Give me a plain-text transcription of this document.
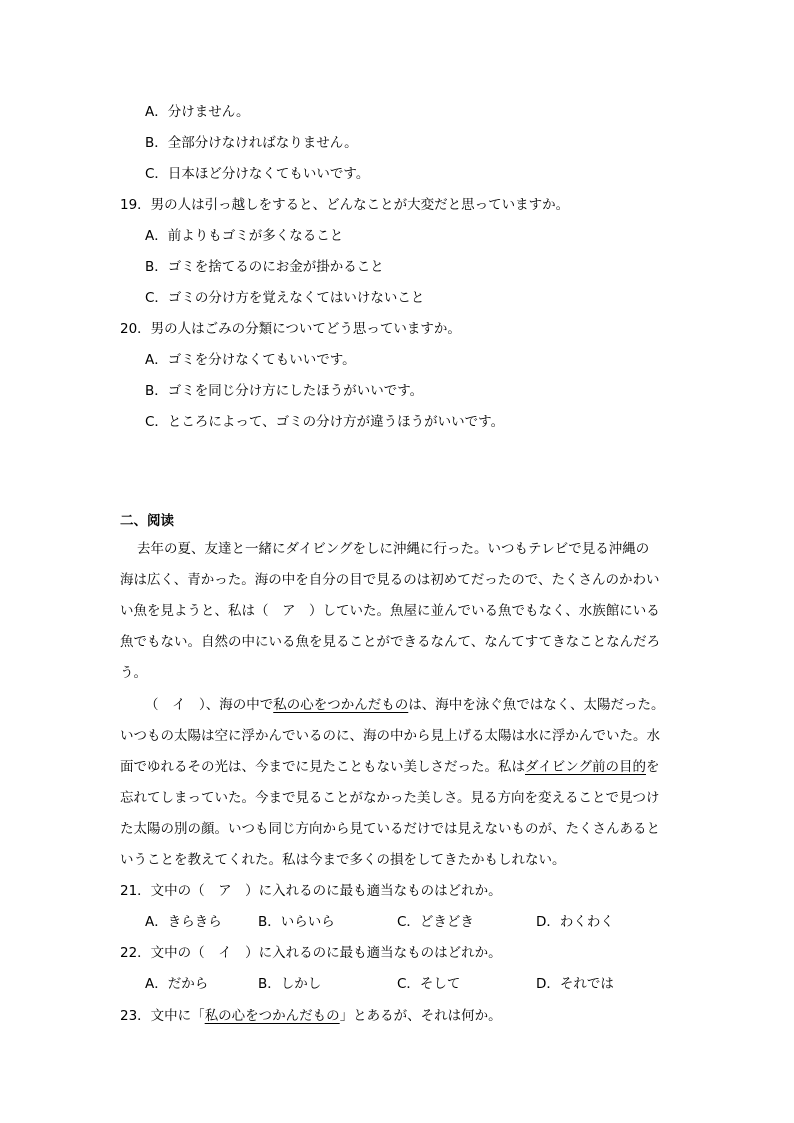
A．分けません。
B．全部分けなければなりません。
C．日本ほど分けなくてもいいです。
19．男の人は引っ越しをすると、どんなことが大変だと思っていますか。
A．前よりもゴミが多くなること
B．ゴミを捨てるのにお金が掛かること
C．ゴミの分け方を覚えなくてはいけないこと
20．男の人はごみの分類についてどう思っていますか。
A．ゴミを分けなくてもいいです。
B．ゴミを同じ分け方にしたほうがいいです。
C．ところによって、ゴミの分け方が違うほうがいいです。
二、阅读
去年の夏、友達と一緒にダイビングをしに沖縄に行った。いつもテレビで見る沖縄の
海は広く、青かった。海の中を自分の目で見るのは初めてだったので、たくさんのかわい
い魚を見ようと、私は（　ア　）していた。魚屋に並んでいる魚でもなく、水族館にいる
魚でもない。自然の中にいる魚を見ることができるなんて、なんてすてきなことなんだろ
う。
（　イ　）、海の中で私の心をつかんだものは、海中を泳ぐ魚ではなく、太陽だった。
いつもの太陽は空に浮かんでいるのに、海の中から見上げる太陽は水に浮かんでいた。水
面でゆれるその光は、今までに見たこともない美しさだった。私はダイビング前の目的を
忘れてしまっていた。今まで見ることがなかった美しさ。見る方向を変えることで見つけ
た太陽の別の顔。いつも同じ方向から見ているだけでは見えないものが、たくさんあると
いうことを教えてくれた。私は今まで多くの損をしてきたかもしれない。
21．文中の（　ア　）に入れるのに最も適当なものはどれか。
A．きらきら	B．いらいら	C．どきどき	D．わくわく
22．文中の（　イ　）に入れるのに最も適当なものはどれか。
A．だから	B．しかし	C．そして	D．それでは
23．文中に「私の心をつかんだもの」とあるが、それは何か。
